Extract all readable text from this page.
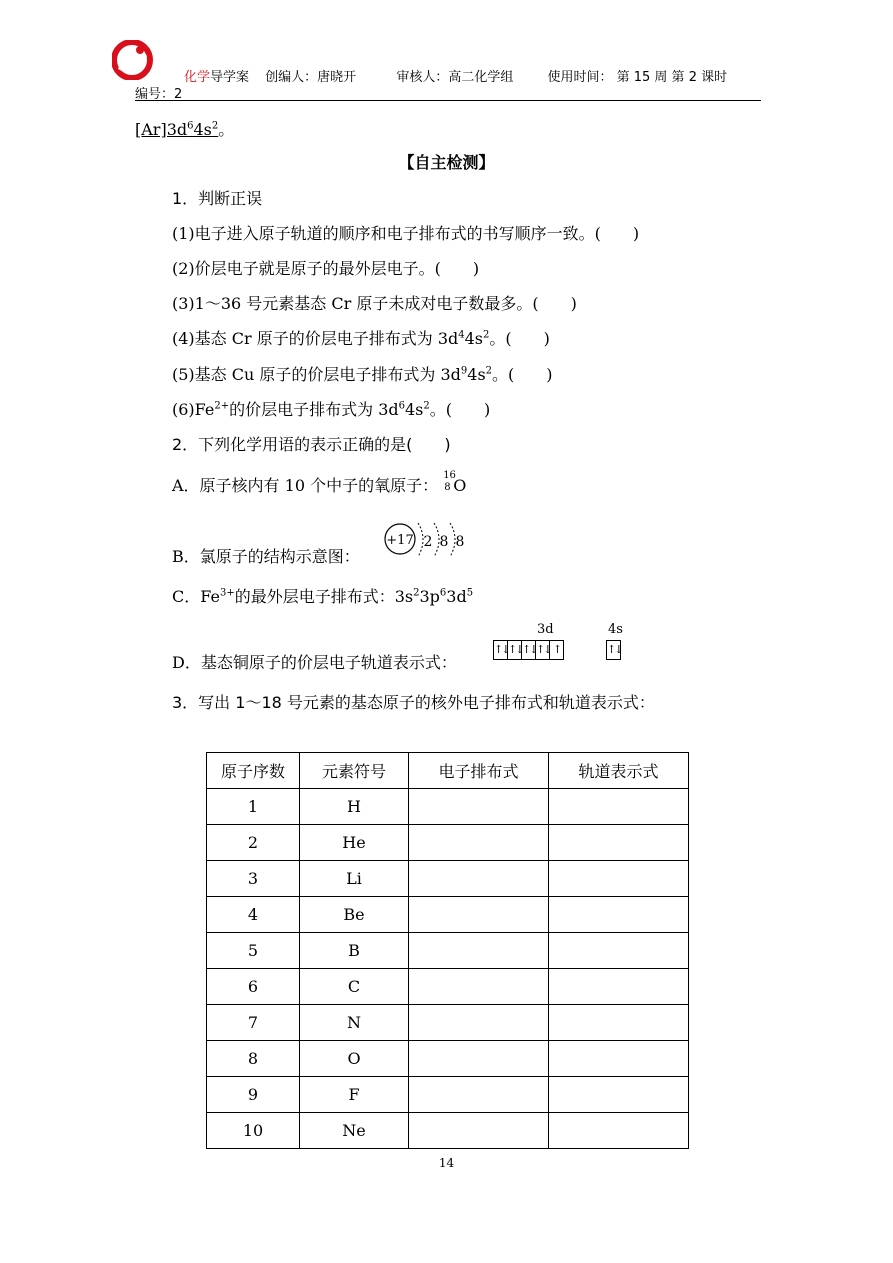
化学导学案 创编人：唐晓开	审核人：高二化学组	使用时间： 第 15 周 第 2 课时
编号：2
$[Ar]3d^64s^2$。
【自主检测】
1．判断正误
(1)电子进入原子轨道的顺序和电子排布式的书写顺序一致。(　　)
(2)价层电子就是原子的最外层电子。(　　)
(3)1～36 号元素基态 Cr 原子未成对电子数最多。(　　)
(4)基态 Cr 原子的价层电子排布式为 $3d^44s^2$。(　　)
(5)基态 Cu 原子的价层电子排布式为 $3d^94s^2$。(　　)
$(6)Fe^{2+}$的价层电子排布式为 $3d^64s^2$。(　　)
2．下列化学用语的表示正确的是(　　)
A．原子核内有 10 个中子的氧原子：
16
8 O
B．氯原子的结构示意图：
+17 2 8 8
C．$Fe^{3+}$的最外层电子排布式：$3s^23p^63d^5$
D．基态铜原子的价层电子轨道表示式：
3d	4s
↑↓ ↑↓ ↑↓ ↑↓ ↑	↑↓
3．写出 1～18 号元素的基态原子的核外电子排布式和轨道表示式：
原子序数	元素符号	电子排布式	轨道表示式
1	H		
2	He		
3	Li		
4	Be		
5	B		
6	C		
7	N		
8	O		
9	F		
10	Ne		
14
